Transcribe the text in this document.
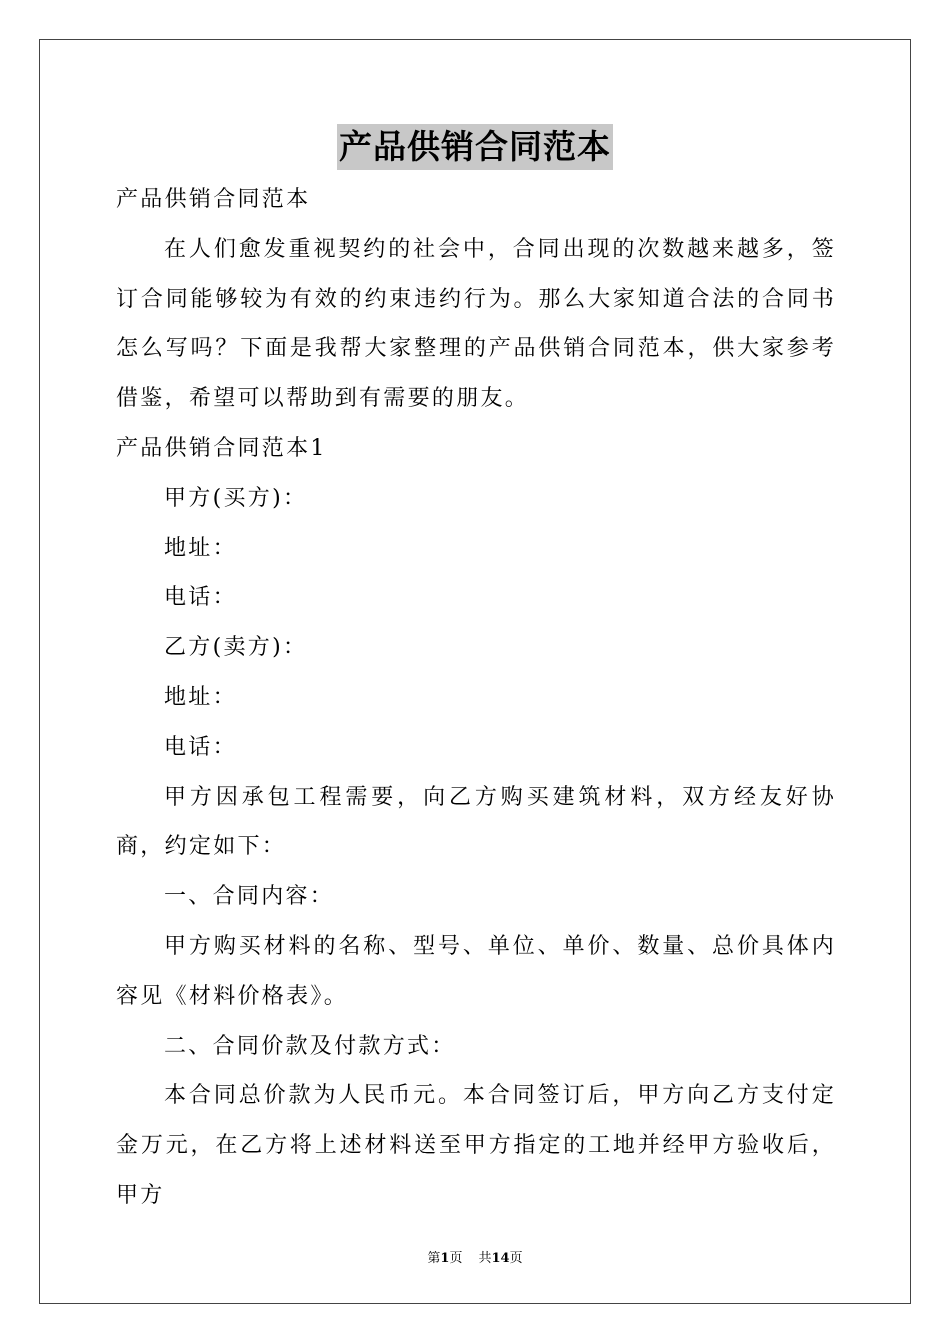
产品供销合同范本

产品供销合同范本

在人们愈发重视契约的社会中，合同出现的次数越来越多，签订合同能够较为有效的约束违约行为。那么大家知道合法的合同书怎么写吗？下面是我帮大家整理的产品供销合同范本，供大家参考借鉴，希望可以帮助到有需要的朋友。

产品供销合同范本1

甲方(买方)：

地址：

电话：

乙方(卖方)：

地址：

电话：

甲方因承包工程需要，向乙方购买建筑材料，双方经友好协商，约定如下：

一、合同内容：

甲方购买材料的名称、型号、单位、单价、数量、总价具体内容见《材料价格表》。

二、合同价款及付款方式：

本合同总价款为人民币元。本合同签订后，甲方向乙方支付定金万元，在乙方将上述材料送至甲方指定的工地并经甲方验收后，甲方

第1页 共14页
